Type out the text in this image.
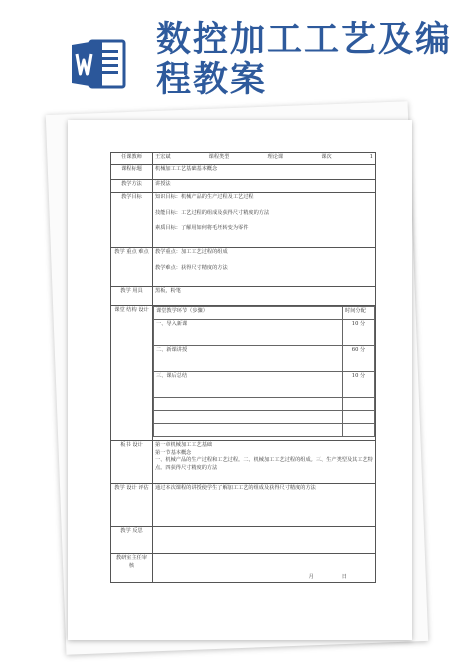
数控加工工艺及编
程教案
任课教师	王宏斌	课程类型	理论课	课次	1

课程标题	机械加工工艺基础基本概念
教学方法	讲授法
教学目标	知识目标：机械产品的生产过程及工艺过程
技能目标：工艺过程的组成及获得尺寸精度的方法
素质目标：了解用如何将毛坯转变为零件

教学 重点 难点	教学重点：加工工艺过程的组成
教学难点：获得尺寸精度的方法

教学 用具	黑板，粉笔
课堂 结构 设计	课堂教学环节（步骤）	时间分配
一、导入新课	10 分
二、新课讲授	60 分
三、课后总结	10 分

板书 设计	第一章机械加工工艺基础
第一节基本概念
一、机械产品的生产过程和工艺过程。二、机械加工工艺过程的组成。三、生产类型及其工艺特点。四获得尺寸精度的方法

教学 设计 评估	通过本次课程的讲授使学生了解加工工艺的组成及获得尺寸精度的方法
教学 反思	
教研室主任审 核	
月	日
